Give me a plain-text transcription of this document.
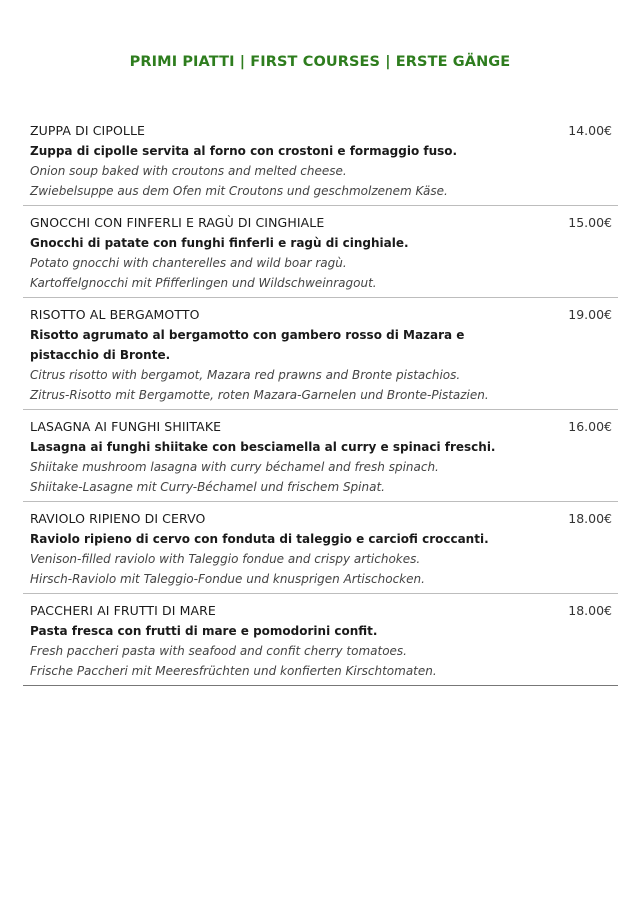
PRIMI PIATTI | FIRST COURSES | ERSTE GÄNGE
ZUPPA DI CIPOLLE	14.00€
Zuppa di cipolle servita al forno con crostoni e formaggio fuso.
Onion soup baked with croutons and melted cheese.
Zwiebelsuppe aus dem Ofen mit Croutons und geschmolzenem Käse.
GNOCCHI CON FINFERLI E RAGÙ DI CINGHIALE	15.00€
Gnocchi di patate con funghi finferli e ragù di cinghiale.
Potato gnocchi with chanterelles and wild boar ragù.
Kartoffelgnocchi mit Pfifferlingen und Wildschweinragout.
RISOTTO AL BERGAMOTTO	19.00€
Risotto agrumato al bergamotto con gambero rosso di Mazara e pistacchio di Bronte.
Citrus risotto with bergamot, Mazara red prawns and Bronte pistachios.
Zitrus-Risotto mit Bergamotte, roten Mazara-Garnelen und Bronte-Pistazien.
LASAGNA AI FUNGHI SHIITAKE	16.00€
Lasagna ai funghi shiitake con besciamella al curry e spinaci freschi.
Shiitake mushroom lasagna with curry béchamel and fresh spinach.
Shiitake-Lasagne mit Curry-Béchamel und frischem Spinat.
RAVIOLO RIPIENO DI CERVO	18.00€
Raviolo ripieno di cervo con fonduta di taleggio e carciofi croccanti.
Venison-filled raviolo with Taleggio fondue and crispy artichokes.
Hirsch-Raviolo mit Taleggio-Fondue und knusprigen Artischocken.
PACCHERI AI FRUTTI DI MARE	18.00€
Pasta fresca con frutti di mare e pomodorini confit.
Fresh paccheri pasta with seafood and confit cherry tomatoes.
Frische Paccheri mit Meeresfrüchten und konfierten Kirschtomaten.
